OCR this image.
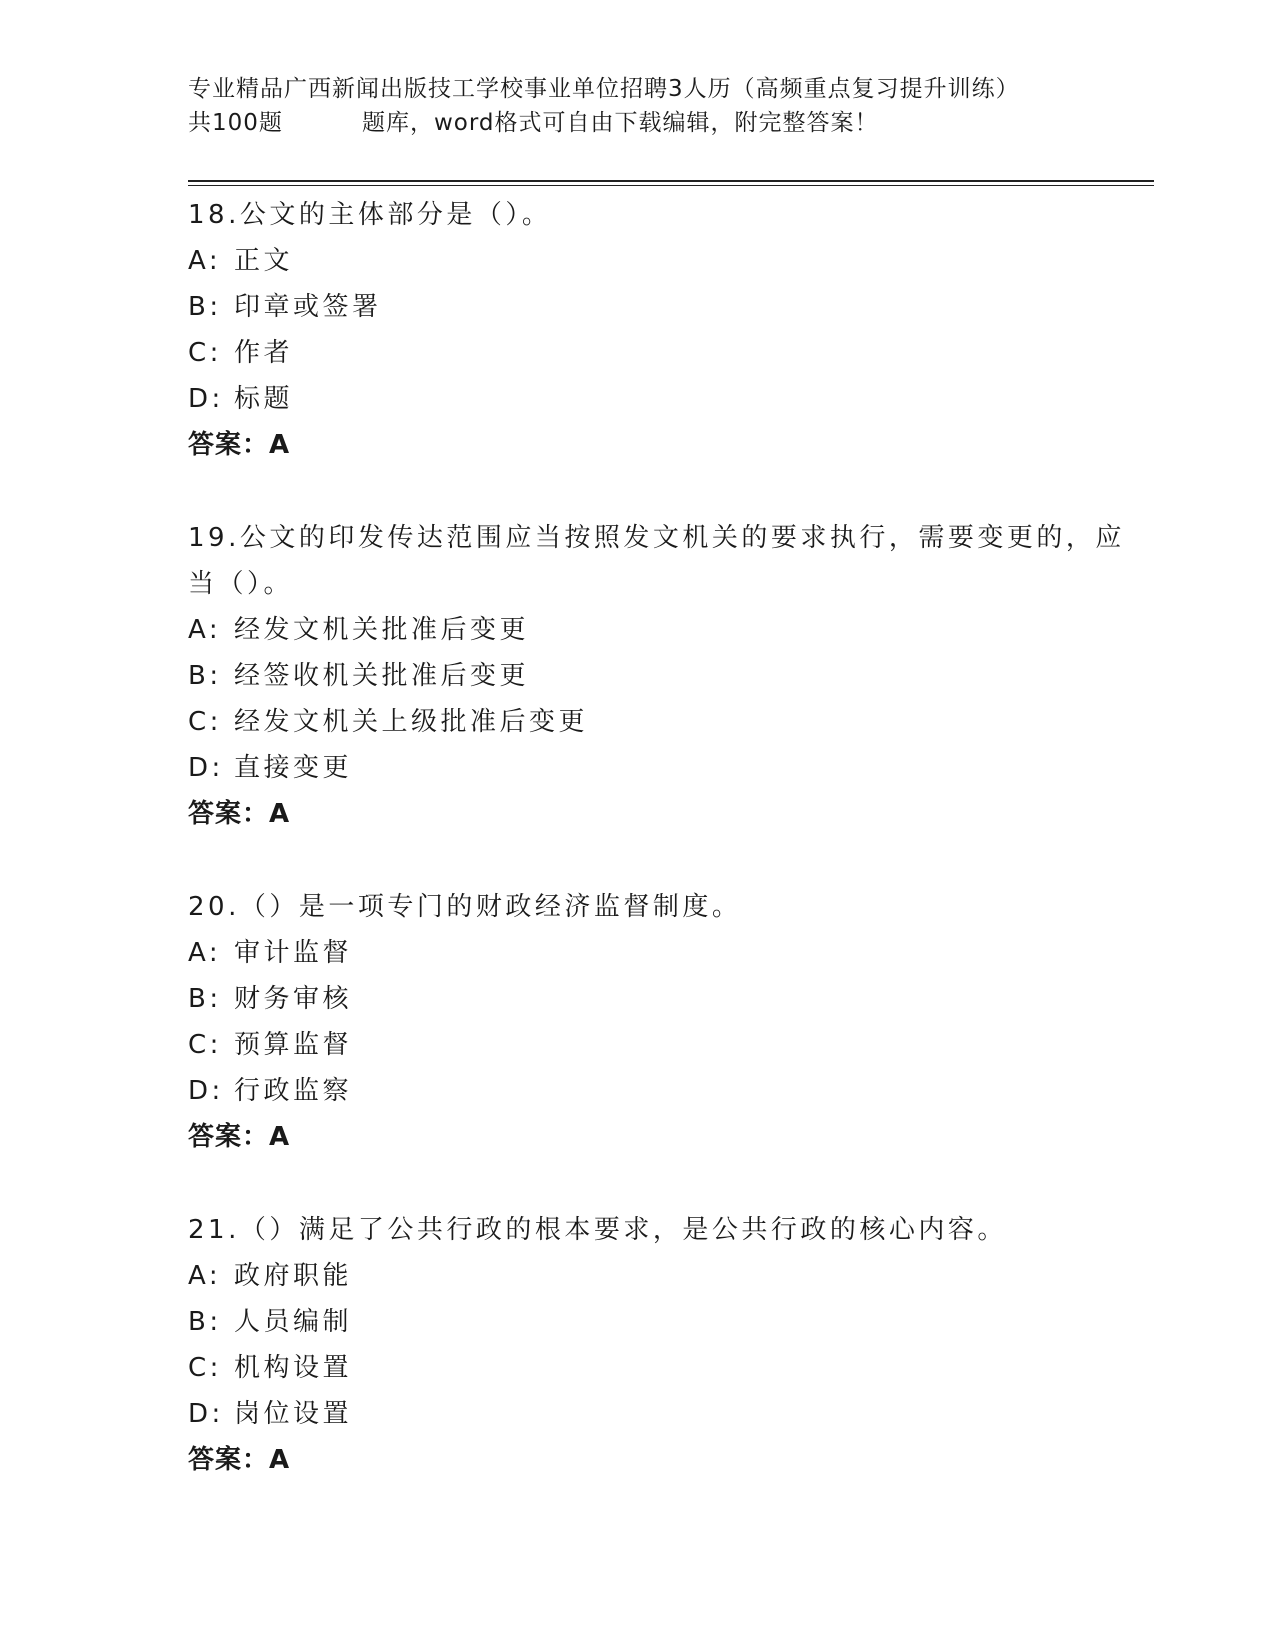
专业精品广西新闻出版技工学校事业单位招聘3人历（高频重点复习提升训练）
共100题	题库，word格式可自由下载编辑，附完整答案！
18.公文的主体部分是（）。
A: 正文
B: 印章或签署
C: 作者
D: 标题
答案：A
19.公文的印发传达范围应当按照发文机关的要求执行，需要变更的，应当（）。
A: 经发文机关批准后变更
B: 经签收机关批准后变更
C: 经发文机关上级批准后变更
D: 直接变更
答案：A
20.（）是一项专门的财政经济监督制度。
A: 审计监督
B: 财务审核
C: 预算监督
D: 行政监察
答案：A
21.（）满足了公共行政的根本要求，是公共行政的核心内容。
A: 政府职能
B: 人员编制
C: 机构设置
D: 岗位设置
答案：A
